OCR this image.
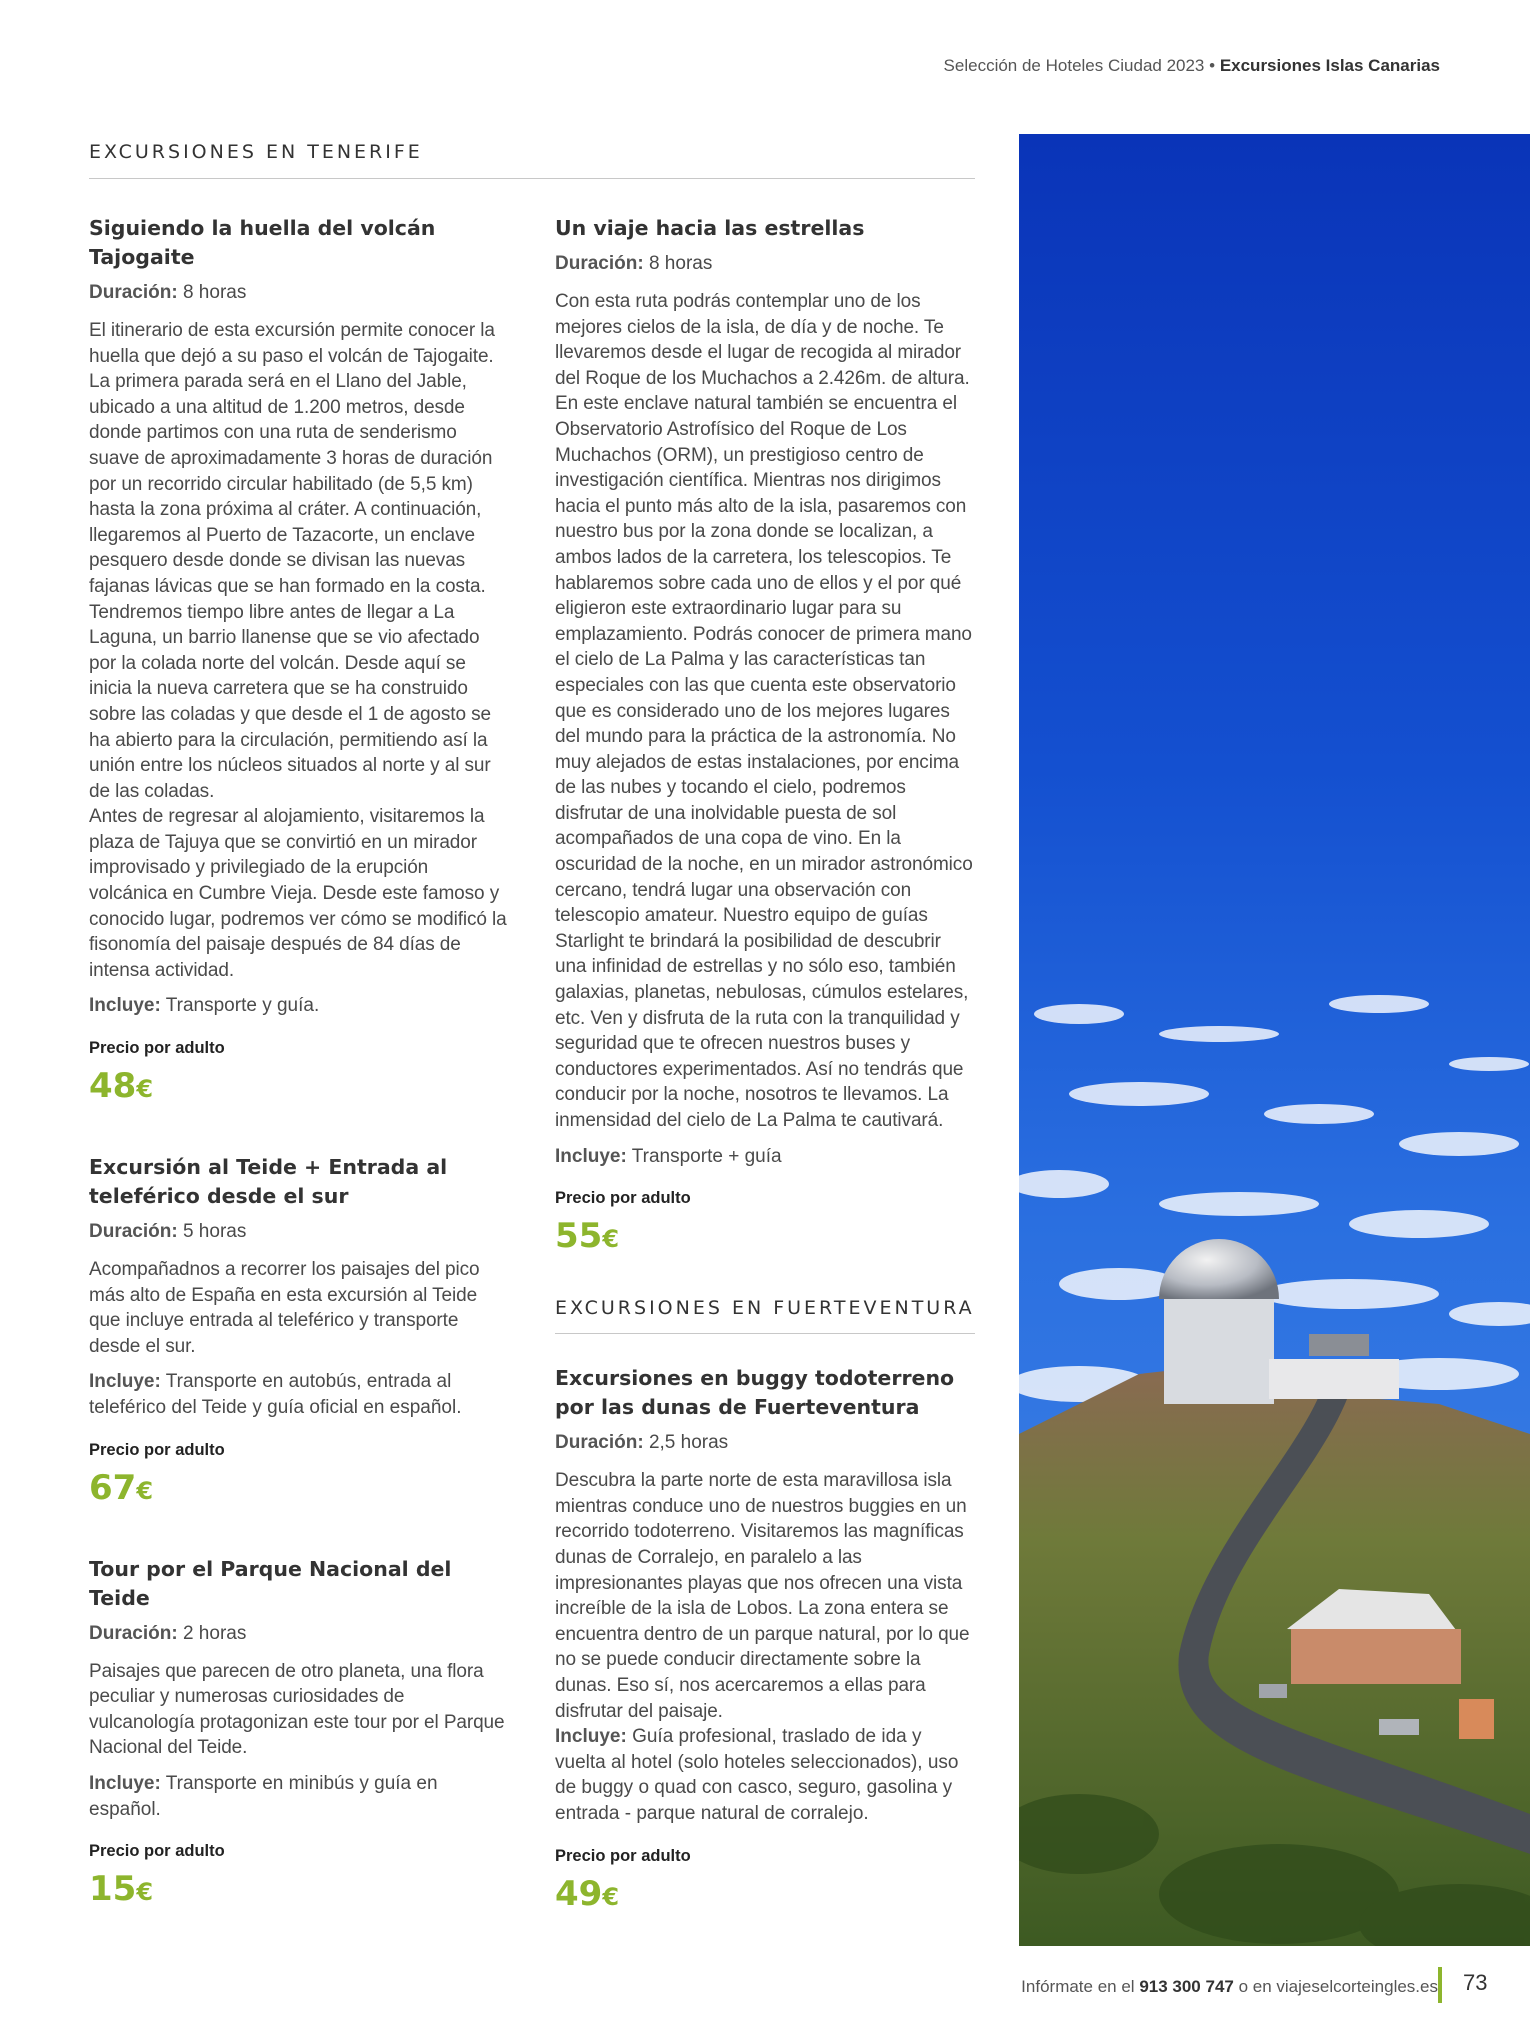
Selección de Hoteles Ciudad 2023 • Excursiones Islas Canarias
EXCURSIONES EN TENERIFE
Siguiendo la huella del volcán Tajogaite
Duración: 8 horas

El itinerario de esta excursión permite conocer la huella que dejó a su paso el volcán de Tajogaite. La primera parada será en el Llano del Jable, ubicado a una altitud de 1.200 metros, desde donde partimos con una ruta de senderismo suave de aproximadamente 3 horas de duración por un recorrido circular habilitado (de 5,5 km) hasta la zona próxima al cráter. A continuación, llegaremos al Puerto de Tazacorte, un enclave pesquero desde donde se divisan las nuevas fajanas lávicas que se han formado en la costa. Tendremos tiempo libre antes de llegar a La Laguna, un barrio llanense que se vio afectado por la colada norte del volcán. Desde aquí se inicia la nueva carretera que se ha construido sobre las coladas y que desde el 1 de agosto se ha abierto para la circulación, permitiendo así la unión entre los núcleos situados al norte y al sur de las coladas.

Antes de regresar al alojamiento, visitaremos la plaza de Tajuya que se convirtió en un mirador improvisado y privilegiado de la erupción volcánica en Cumbre Vieja. Desde este famoso y conocido lugar, podremos ver cómo se modificó la fisonomía del paisaje después de 84 días de intensa actividad.

Incluye: Transporte y guía.
Precio por adulto
48€
Excursión al Teide + Entrada al teleférico desde el sur
Duración: 5 horas

Acompañadnos a recorrer los paisajes del pico más alto de España en esta excursión al Teide que incluye entrada al teleférico y transporte desde el sur.

Incluye: Transporte en autobús, entrada al teleférico del Teide y guía oficial en español.
Precio por adulto
67€
Tour por el Parque Nacional del Teide
Duración: 2 horas

Paisajes que parecen de otro planeta, una flora peculiar y numerosas curiosidades de vulcanología protagonizan este tour por el Parque Nacional del Teide.

Incluye: Transporte en minibús y guía en español.
Precio por adulto
15€
Un viaje hacia las estrellas
Duración: 8 horas

Con esta ruta podrás contemplar uno de los mejores cielos de la isla, de día y de noche. Te llevaremos desde el lugar de recogida al mirador del Roque de los Muchachos a 2.426m. de altura. En este enclave natural también se encuentra el Observatorio Astrofísico del Roque de Los Muchachos (ORM), un prestigioso centro de investigación científica. Mientras nos dirigimos hacia el punto más alto de la isla, pasaremos con nuestro bus por la zona donde se localizan, a ambos lados de la carretera, los telescopios. Te hablaremos sobre cada uno de ellos y el por qué eligieron este extraordinario lugar para su emplazamiento. Podrás conocer de primera mano el cielo de La Palma y las características tan especiales con las que cuenta este observatorio que es considerado uno de los mejores lugares del mundo para la práctica de la astronomía. No muy alejados de estas instalaciones, por encima de las nubes y tocando el cielo, podremos disfrutar de una inolvidable puesta de sol acompañados de una copa de vino. En la oscuridad de la noche, en un mirador astronómico cercano, tendrá lugar una observación con telescopio amateur. Nuestro equipo de guías Starlight te brindará la posibilidad de descubrir una infinidad de estrellas y no sólo eso, también galaxias, planetas, nebulosas, cúmulos estelares, etc. Ven y disfruta de la ruta con la tranquilidad y seguridad que te ofrecen nuestros buses y conductores experimentados. Así no tendrás que conducir por la noche, nosotros te llevamos. La inmensidad del cielo de La Palma te cautivará.

Incluye: Transporte + guía
Precio por adulto
55€
EXCURSIONES EN FUERTEVENTURA
Excursiones en buggy todoterreno por las dunas de Fuerteventura
Duración: 2,5 horas

Descubra la parte norte de esta maravillosa isla mientras conduce uno de nuestros buggies en un recorrido todoterreno. Visitaremos las magníficas dunas de Corralejo, en paralelo a las impresionantes playas que nos ofrecen una vista increíble de la isla de Lobos. La zona entera se encuentra dentro de un parque natural, por lo que no se puede conducir directamente sobre la dunas. Eso sí, nos acercaremos a ellas para disfrutar del paisaje.

Incluye: Guía profesional, traslado de ida y vuelta al hotel (solo hoteles seleccionados), uso de buggy o quad con casco, seguro, gasolina y entrada - parque natural de corralejo.
Precio por adulto
49€
Infórmate en el 913 300 747 o en viajeselcorteingles.es 73
